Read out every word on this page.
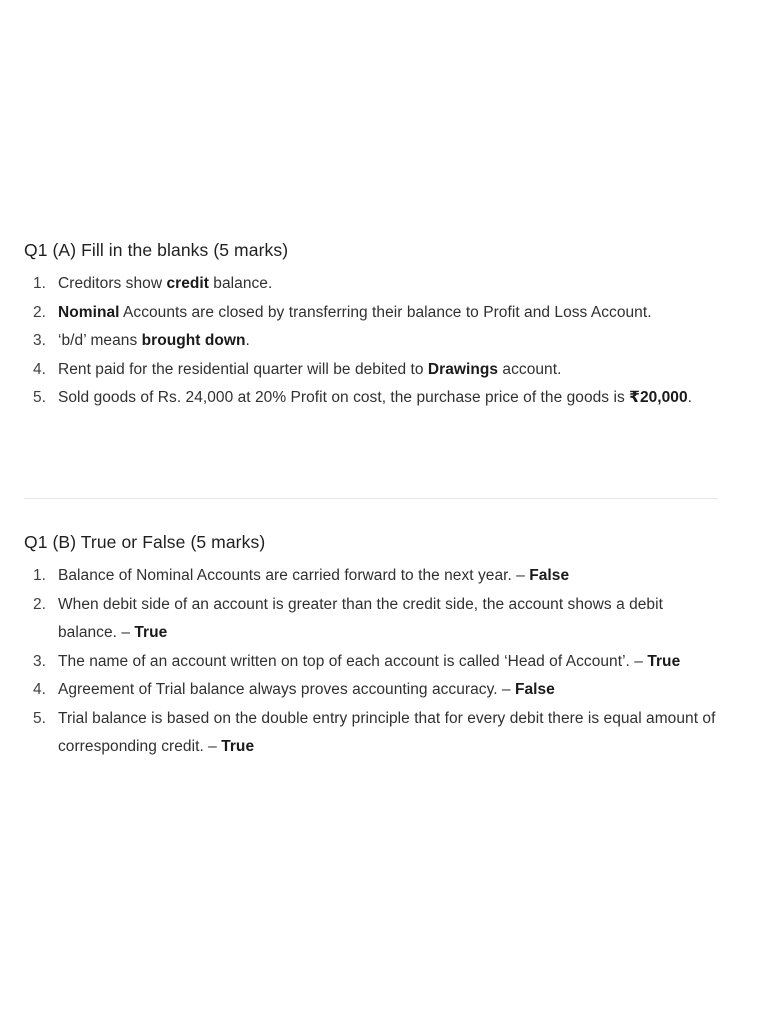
Q1 (A) Fill in the blanks (5 marks)
1. Creditors show credit balance.
2. Nominal Accounts are closed by transferring their balance to Profit and Loss Account.
3. ‘b/d’ means brought down.
4. Rent paid for the residential quarter will be debited to Drawings account.
5. Sold goods of Rs. 24,000 at 20% Profit on cost, the purchase price of the goods is ₹20,000.
Q1 (B) True or False (5 marks)
1. Balance of Nominal Accounts are carried forward to the next year. – False
2. When debit side of an account is greater than the credit side, the account shows a debit balance. – True
3. The name of an account written on top of each account is called ‘Head of Account’. – True
4. Agreement of Trial balance always proves accounting accuracy. – False
5. Trial balance is based on the double entry principle that for every debit there is equal amount of corresponding credit. – True
